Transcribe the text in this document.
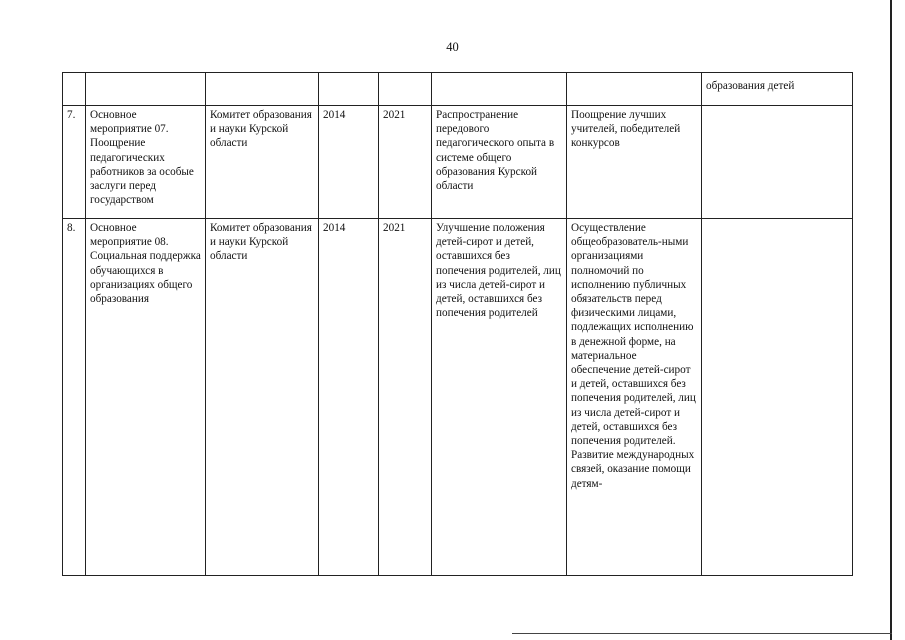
40
							образования детей
7.	Основное мероприятие 07. Поощрение педагогических работников за особые заслуги перед государством	Комитет образования и науки Курской области	2014	2021	Распространение передового педагогического опыта в системе общего образования Курской области	Поощрение лучших учителей, победителей конкурсов	
8.	Основное мероприятие 08. Социальная поддержка обучающихся в организациях общего образования	Комитет образования и науки Курской области	2014	2021	Улучшение положения детей-сирот и детей, оставшихся без попечения родителей, лиц из числа детей-сирот и детей, оставшихся без попечения родителей	Осуществление общеобразователь-ными организациями полномочий по исполнению публичных обязательств перед физическими лицами, подлежащих исполнению в денежной форме, на материальное обеспечение детей-сирот и детей, оставшихся без попечения родителей, лиц из числа детей-сирот и детей, оставшихся без попечения родителей. Развитие международных связей, оказание помощи детям-	
